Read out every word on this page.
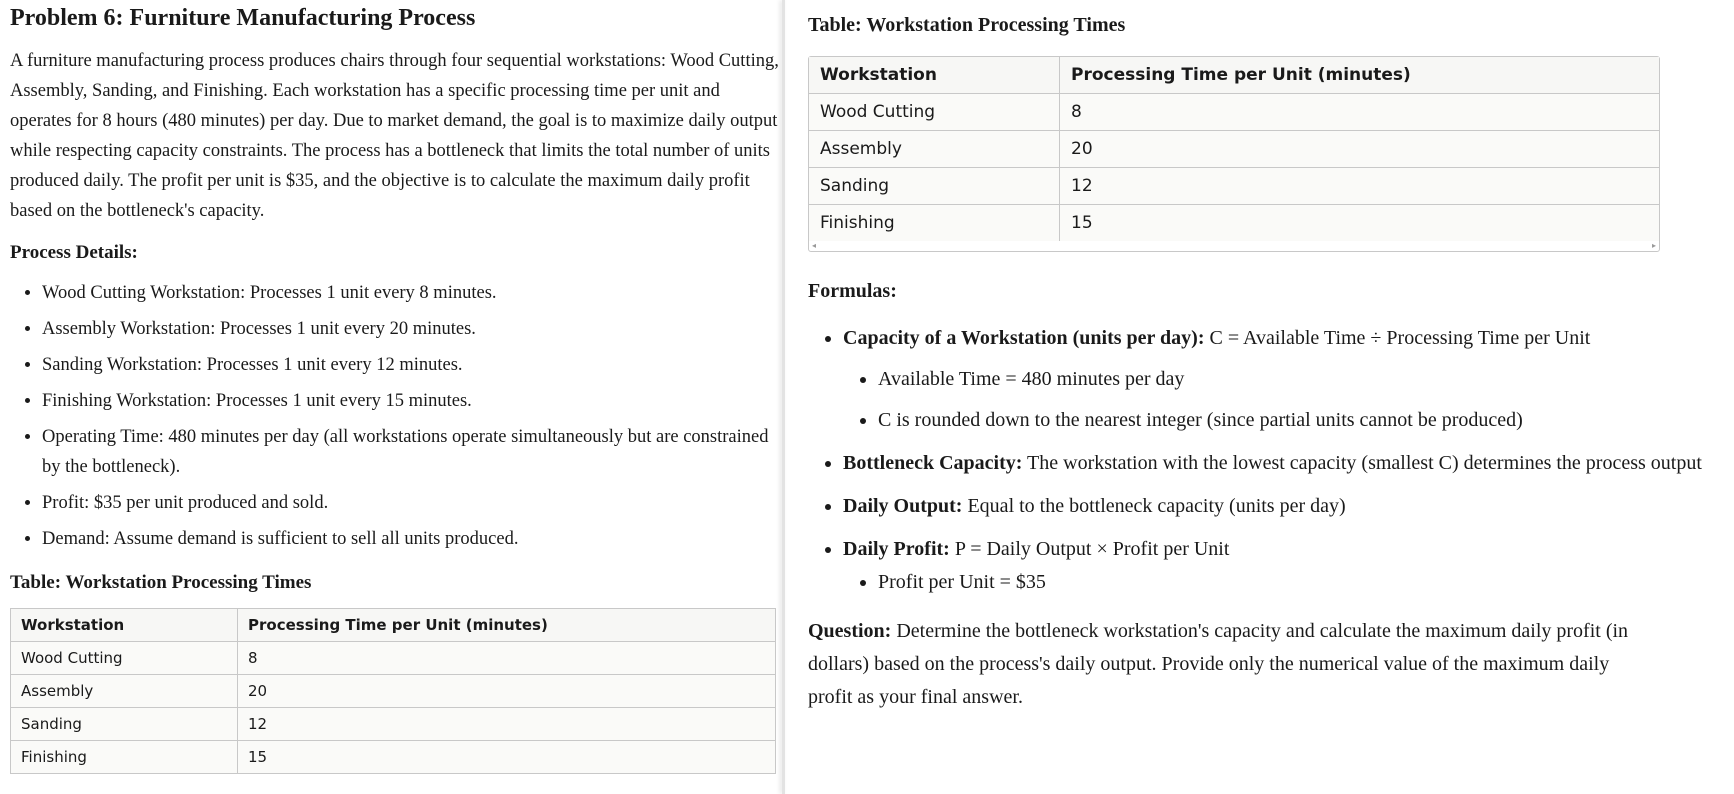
Problem 6: Furniture Manufacturing Process

A furniture manufacturing process produces chairs through four sequential workstations: Wood Cutting, Assembly, Sanding, and Finishing. Each workstation has a specific processing time per unit and operates for 8 hours (480 minutes) per day. Due to market demand, the goal is to maximize daily output while respecting capacity constraints. The process has a bottleneck that limits the total number of units produced daily. The profit per unit is $35, and the objective is to calculate the maximum daily profit based on the bottleneck's capacity.

Process Details:
• Wood Cutting Workstation: Processes 1 unit every 8 minutes.
• Assembly Workstation: Processes 1 unit every 20 minutes.
• Sanding Workstation: Processes 1 unit every 12 minutes.
• Finishing Workstation: Processes 1 unit every 15 minutes.
• Operating Time: 480 minutes per day (all workstations operate simultaneously but are constrained by the bottleneck).
• Profit: $35 per unit produced and sold.
• Demand: Assume demand is sufficient to sell all units produced.
Table: Workstation Processing Times
Workstation	Processing Time per Unit (minutes)
Wood Cutting	8
Assembly	20
Sanding	12
Finishing	15
Table: Workstation Processing Times
Workstation	Processing Time per Unit (minutes)
Wood Cutting	8
Assembly	20
Sanding	12
Finishing	15
◂	▸
Formulas:
• Capacity of a Workstation (units per day): C = Available Time ÷ Processing Time per Unit
• Available Time = 480 minutes per day
• C is rounded down to the nearest integer (since partial units cannot be produced)
• Bottleneck Capacity: The workstation with the lowest capacity (smallest C) determines the process output
• Daily Output: Equal to the bottleneck capacity (units per day)
• Daily Profit: P = Daily Output × Profit per Unit
• Profit per Unit = $35

Question: Determine the bottleneck workstation's capacity and calculate the maximum daily profit (in dollars) based on the process's daily output. Provide only the numerical value of the maximum daily profit as your final answer.
